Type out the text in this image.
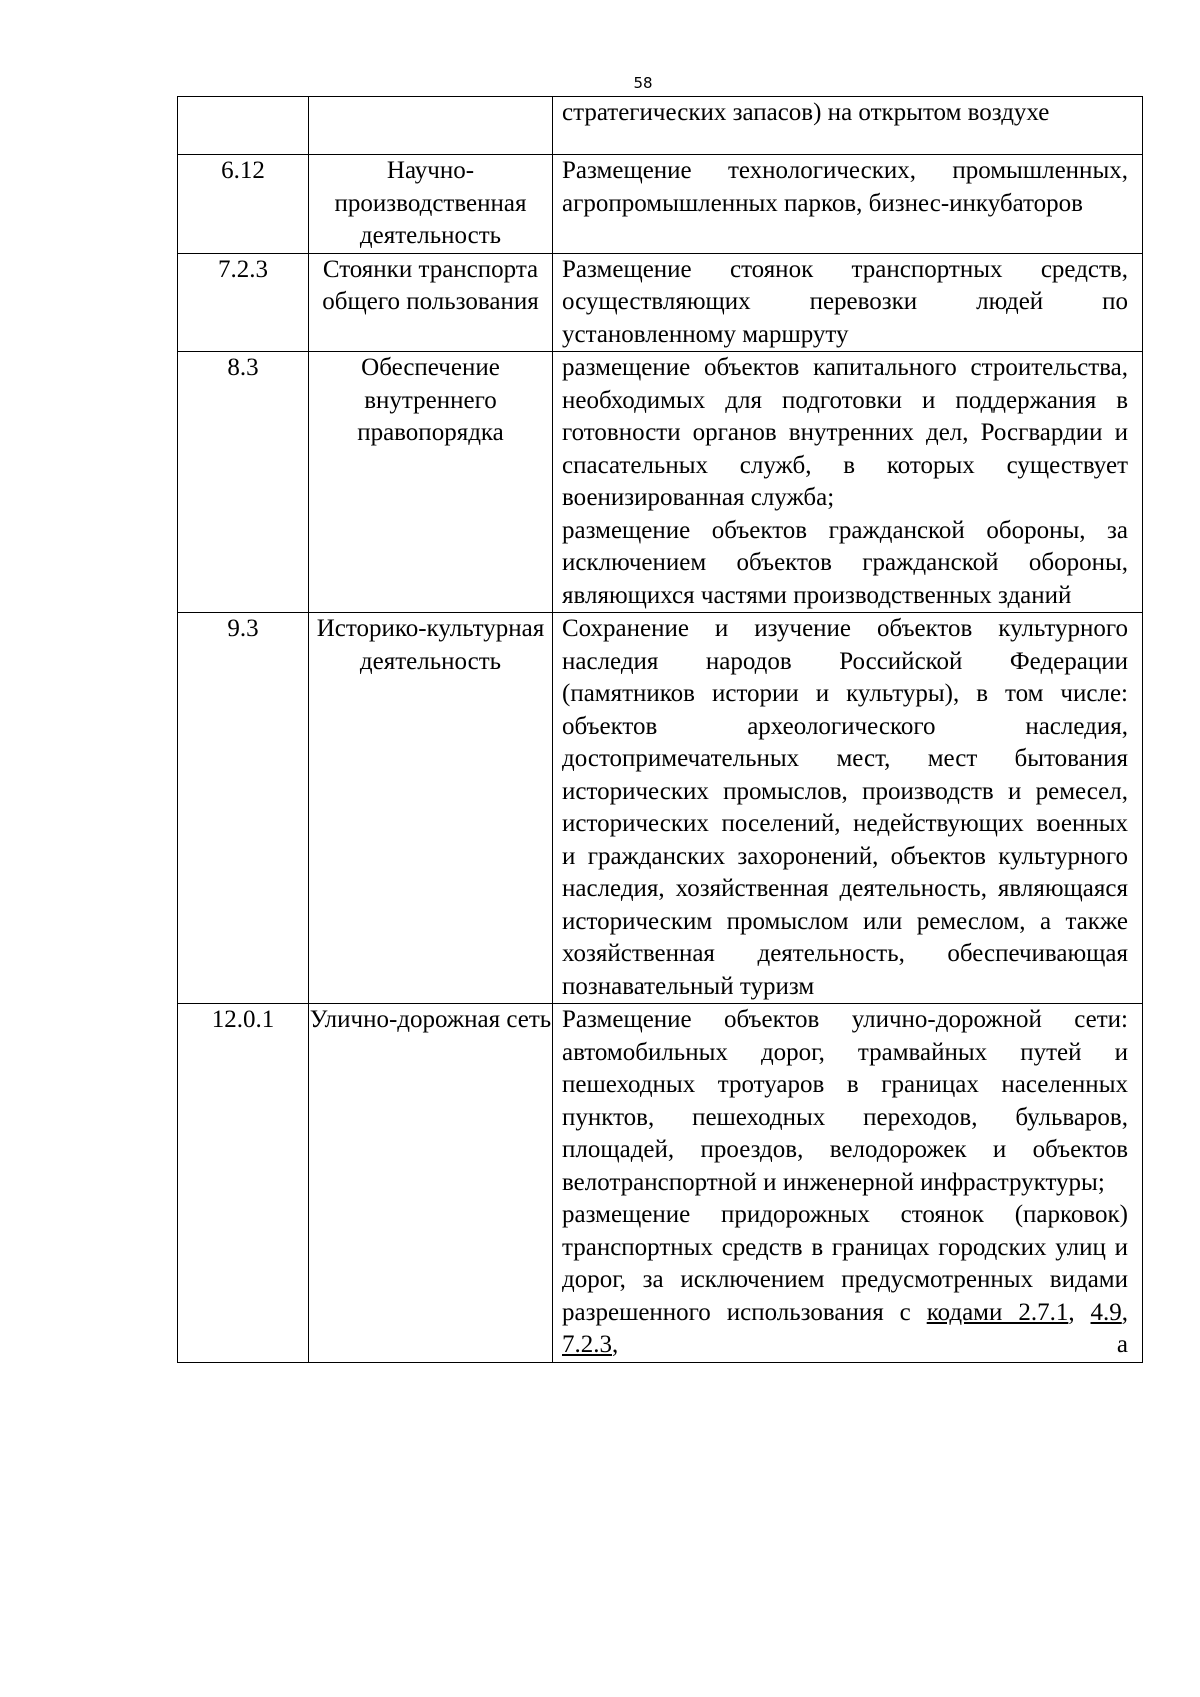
58

		стратегических запасов) на открытом воздухе

6.12	Научно-производственная деятельность	Размещение технологических, промышленных, агропромышленных парков, бизнес-инкубаторов

7.2.3	Стоянки транспорта общего пользования	Размещение стоянок транспортных средств, осуществляющих перевозки людей по установленному маршруту

8.3	Обеспечение внутреннего правопорядка	размещение объектов капитального строительства, необходимых для подготовки и поддержания в готовности органов внутренних дел, Росгвардии и спасательных служб, в которых существует военизированная служба;
размещение объектов гражданской обороны, за исключением объектов гражданской обороны, являющихся частями производственных зданий

9.3	Историко-культурная деятельность	Сохранение и изучение объектов культурного наследия народов Российской Федерации (памятников истории и культуры), в том числе: объектов археологического наследия, достопримечательных мест, мест бытования исторических промыслов, производств и ремесел, исторических поселений, недействующих военных и гражданских захоронений, объектов культурного наследия, хозяйственная деятельность, являющаяся историческим промыслом или ремеслом, а также хозяйственная деятельность, обеспечивающая познавательный туризм

12.0.1	Улично-дорожная сеть	Размещение объектов улично-дорожной сети: автомобильных дорог, трамвайных путей и пешеходных тротуаров в границах населенных пунктов, пешеходных переходов, бульваров, площадей, проездов, велодорожек и объектов велотранспортной и инженерной инфраструктуры;
размещение придорожных стоянок (парковок) транспортных средств в границах городских улиц и дорог, за исключением предусмотренных видами разрешенного использования с кодами 2.7.1, 4.9, 7.2.3, а
